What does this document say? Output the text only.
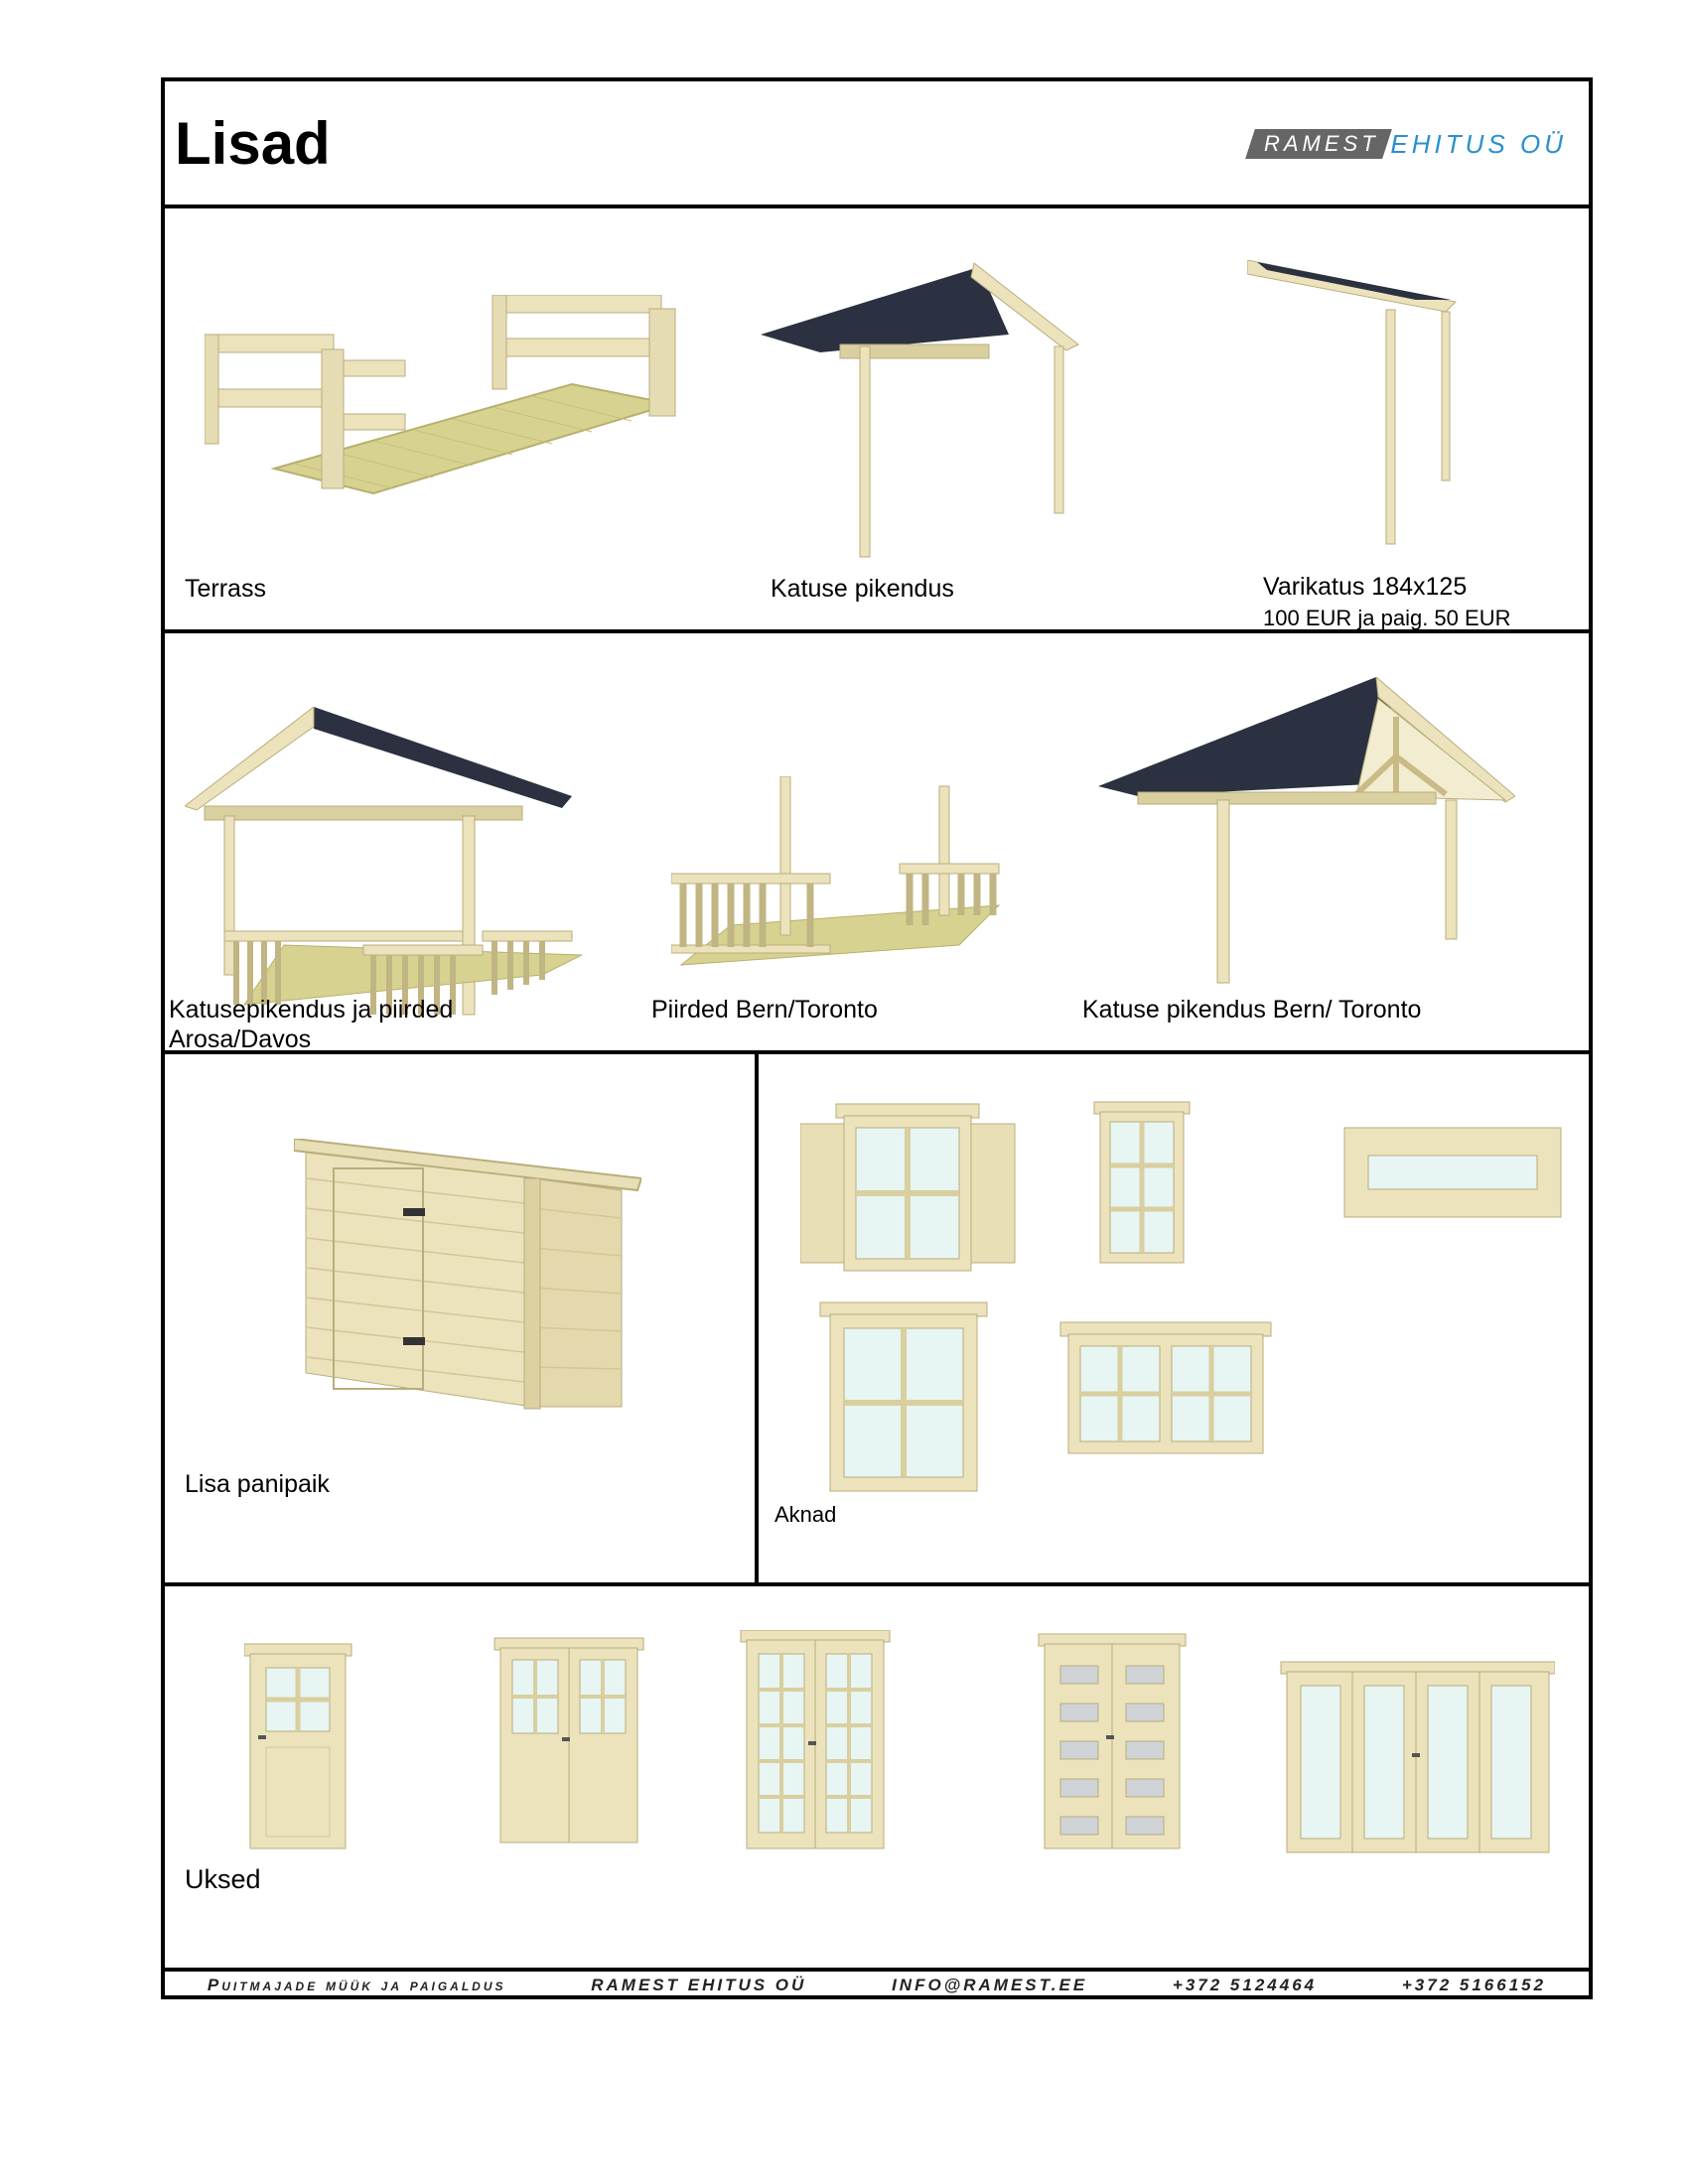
Lisad	RAMEST EHITUS OÜ
Terrass	Katuse pikendus	Varikatus 184x125
100 EUR ja paig. 50 EUR
Katusepikendus ja piirded
Arosa/Davos
Piirded Bern/Toronto	Katuse pikendus Bern/ Toronto
Lisa panipaik
Aknad
Uksed
Puitmajade müük ja paigaldus	RAMEST EHITUS OÜ	INFO@RAMEST.EE	+372 5124464	+372 5166152
